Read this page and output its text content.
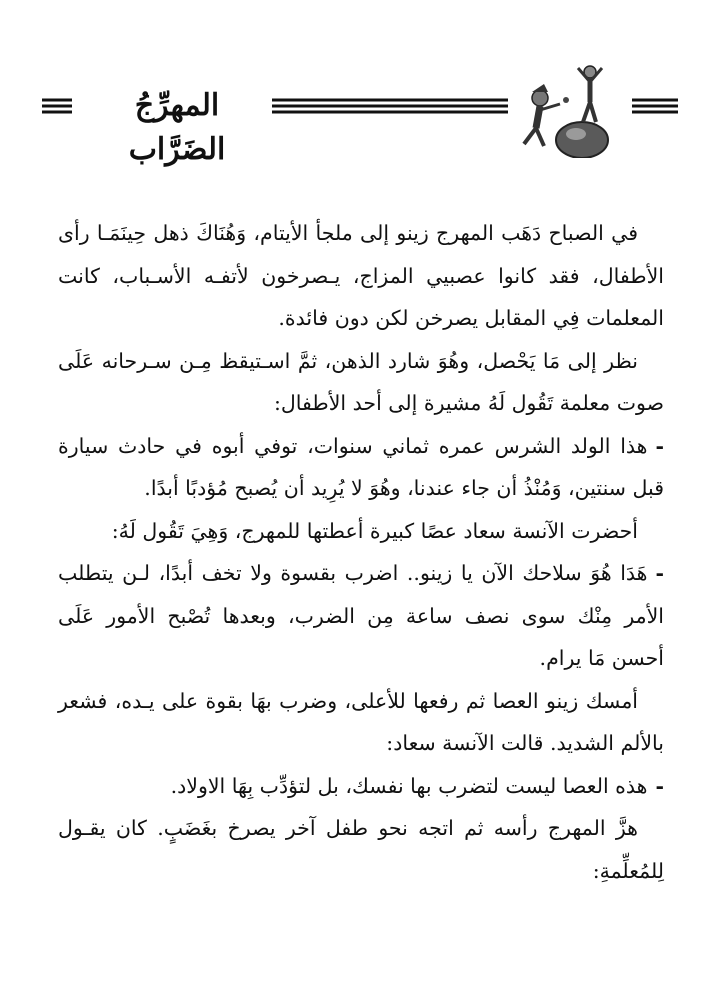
المهرِّجُ الضَرَّاب

في الصباح دَهَب المهرج زينو إلى ملجأ الأيتام، وَهُنَاكَ ذهل حِينَمَـا رأى الأطفال، فقد كانوا عصبيي المزاج، يـصرخون لأتفـه الأسـباب، كانت المعلمات فِي المقابل يصرخن لكن دون فائدة.

نظر إلى مَا يَحْصل، وهُوَ شارد الذهن، ثمَّ اسـتيقظ مِـن سـرحانه عَلَى صوت معلمة تَقُول لَهُ مشيرة إلى أحد الأطفال:

-هذا الولد الشرس عمره ثماني سنوات، توفي أبوه في حادث سيارة قبل سنتين، وَمُنْذُ أن جاء عندنا، وهُوَ لا يُرِيد أن يُصبح مُؤدبًا أبدًا.

أحضرت الآنسة سعاد عصًا كبيرة أعطتها للمهرج، وَهِيَ تَقُول لَهُ:

-هَدَا هُوَ سلاحك الآن يا زينو.. اضرب بقسوة ولا تخف أبدًا، لـن يتطلب الأمر مِنْك سوى نصف ساعة مِن الضرب، وبعدها تُصْبح الأمور عَلَى أحسن مَا يرام.

أمسك زينو العصا ثم رفعها للأعلى، وضرب بهَا بقوة على يـده، فشعر بالألم الشديد. قالت الآنسة سعاد:

-هذه العصا ليست لتضرب بها نفسك، بل لتؤدِّب بِهَا الاولاد.

هزَّ المهرج رأسه ثم اتجه نحو طفل آخر يصرخ بغَضَبٍ. كان يقـول لِلمُعلِّمةِ:
